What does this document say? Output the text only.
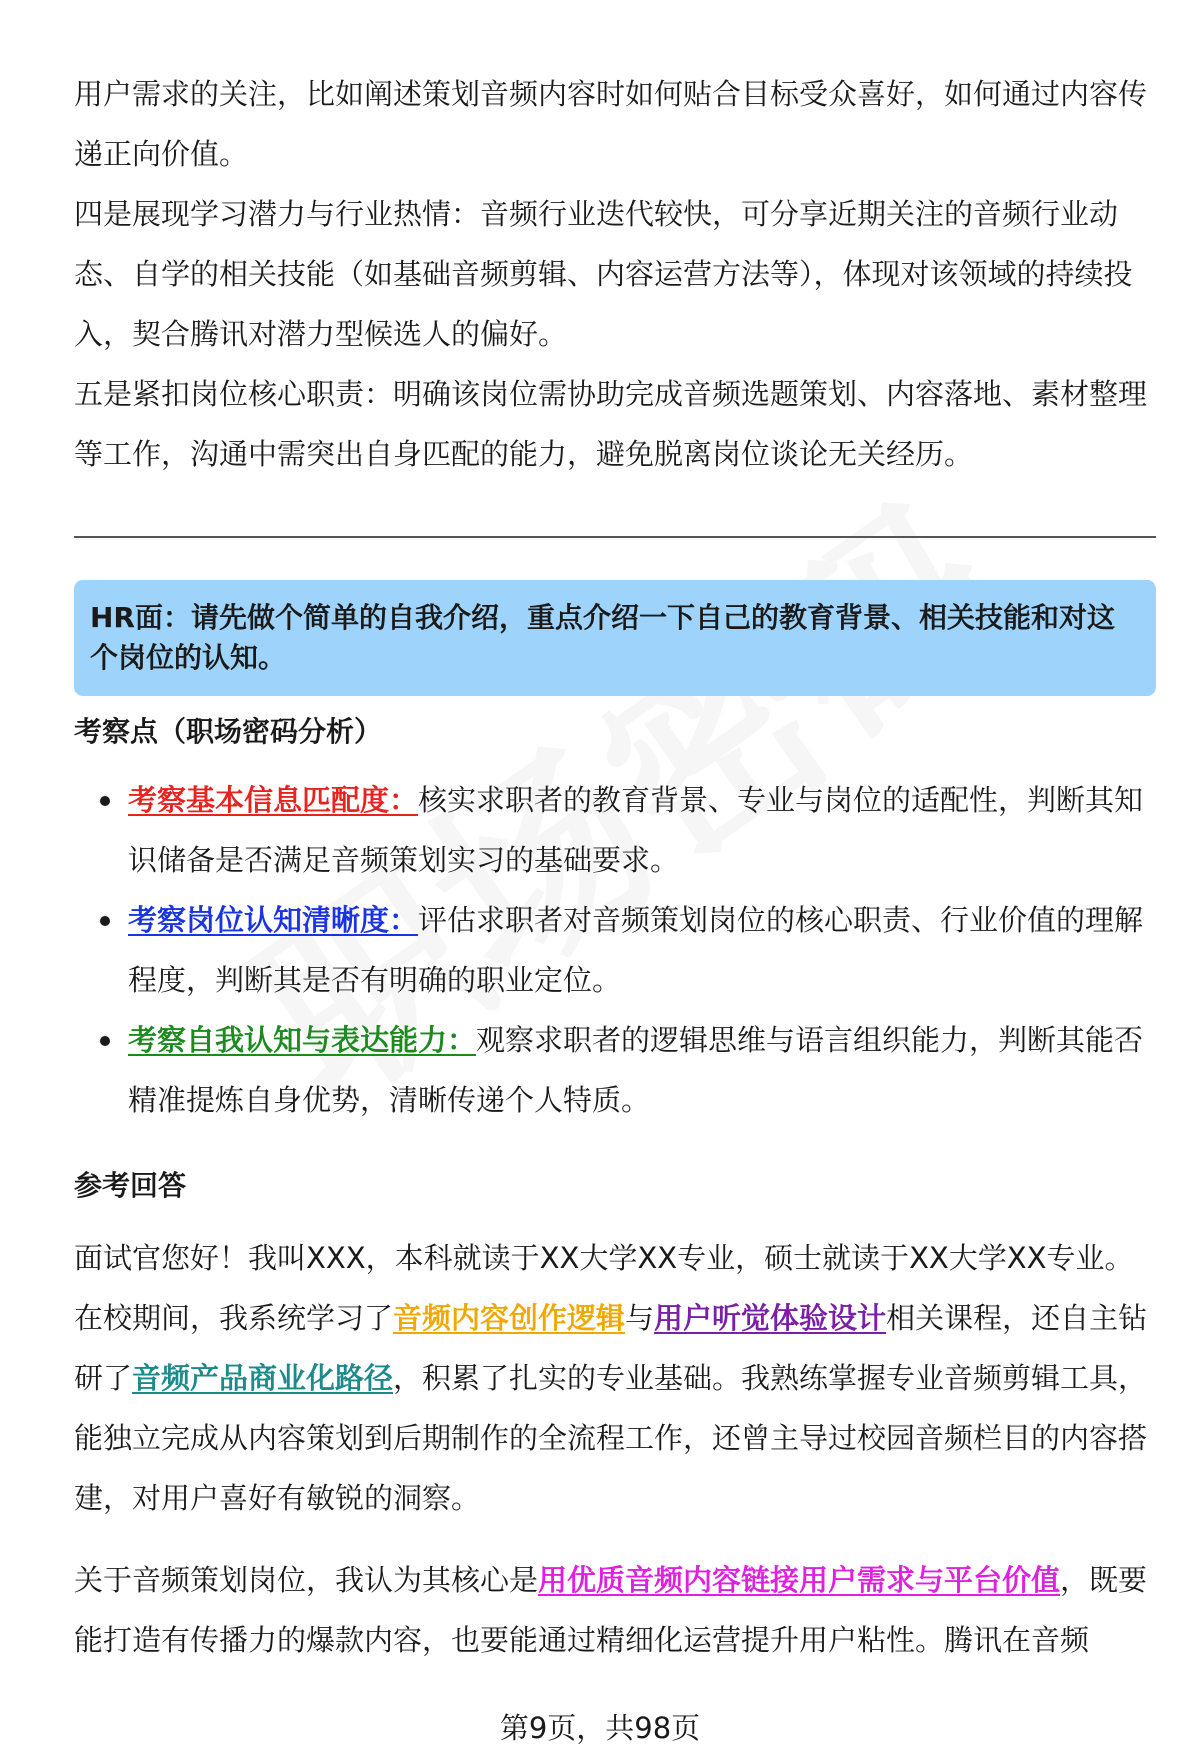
用户需求的关注，比如阐述策划音频内容时如何贴合目标受众喜好，如何通过内容传递正向价值。

四是展现学习潜力与行业热情：音频行业迭代较快，可分享近期关注的音频行业动态、自学的相关技能（如基础音频剪辑、内容运营方法等），体现对该领域的持续投入，契合腾讯对潜力型候选人的偏好。

五是紧扣岗位核心职责：明确该岗位需协助完成音频选题策划、内容落地、素材整理等工作，沟通中需突出自身匹配的能力，避免脱离岗位谈论无关经历。

HR面：请先做个简单的自我介绍，重点介绍一下自己的教育背景、相关技能和对这个岗位的认知。
考察点（职场密码分析）
考察基本信息匹配度：核实求职者的教育背景、专业与岗位的适配性，判断其知识储备是否满足音频策划实习的基础要求。
考察岗位认知清晰度：评估求职者对音频策划岗位的核心职责、行业价值的理解程度，判断其是否有明确的职业定位。
考察自我认知与表达能力：观察求职者的逻辑思维与语言组织能力，判断其能否精准提炼自身优势，清晰传递个人特质。
参考回答

面试官您好！我叫XXX，本科就读于XX大学XX专业，硕士就读于XX大学XX专业。在校期间，我系统学习了音频内容创作逻辑与用户听觉体验设计相关课程，还自主钻研了音频产品商业化路径，积累了扎实的专业基础。我熟练掌握专业音频剪辑工具，能独立完成从内容策划到后期制作的全流程工作，还曾主导过校园音频栏目的内容搭建，对用户喜好有敏锐的洞察。

关于音频策划岗位，我认为其核心是用优质音频内容链接用户需求与平台价值，既要能打造有传播力的爆款内容，也要能通过精细化运营提升用户粘性。腾讯在音频

第9页，共98页
